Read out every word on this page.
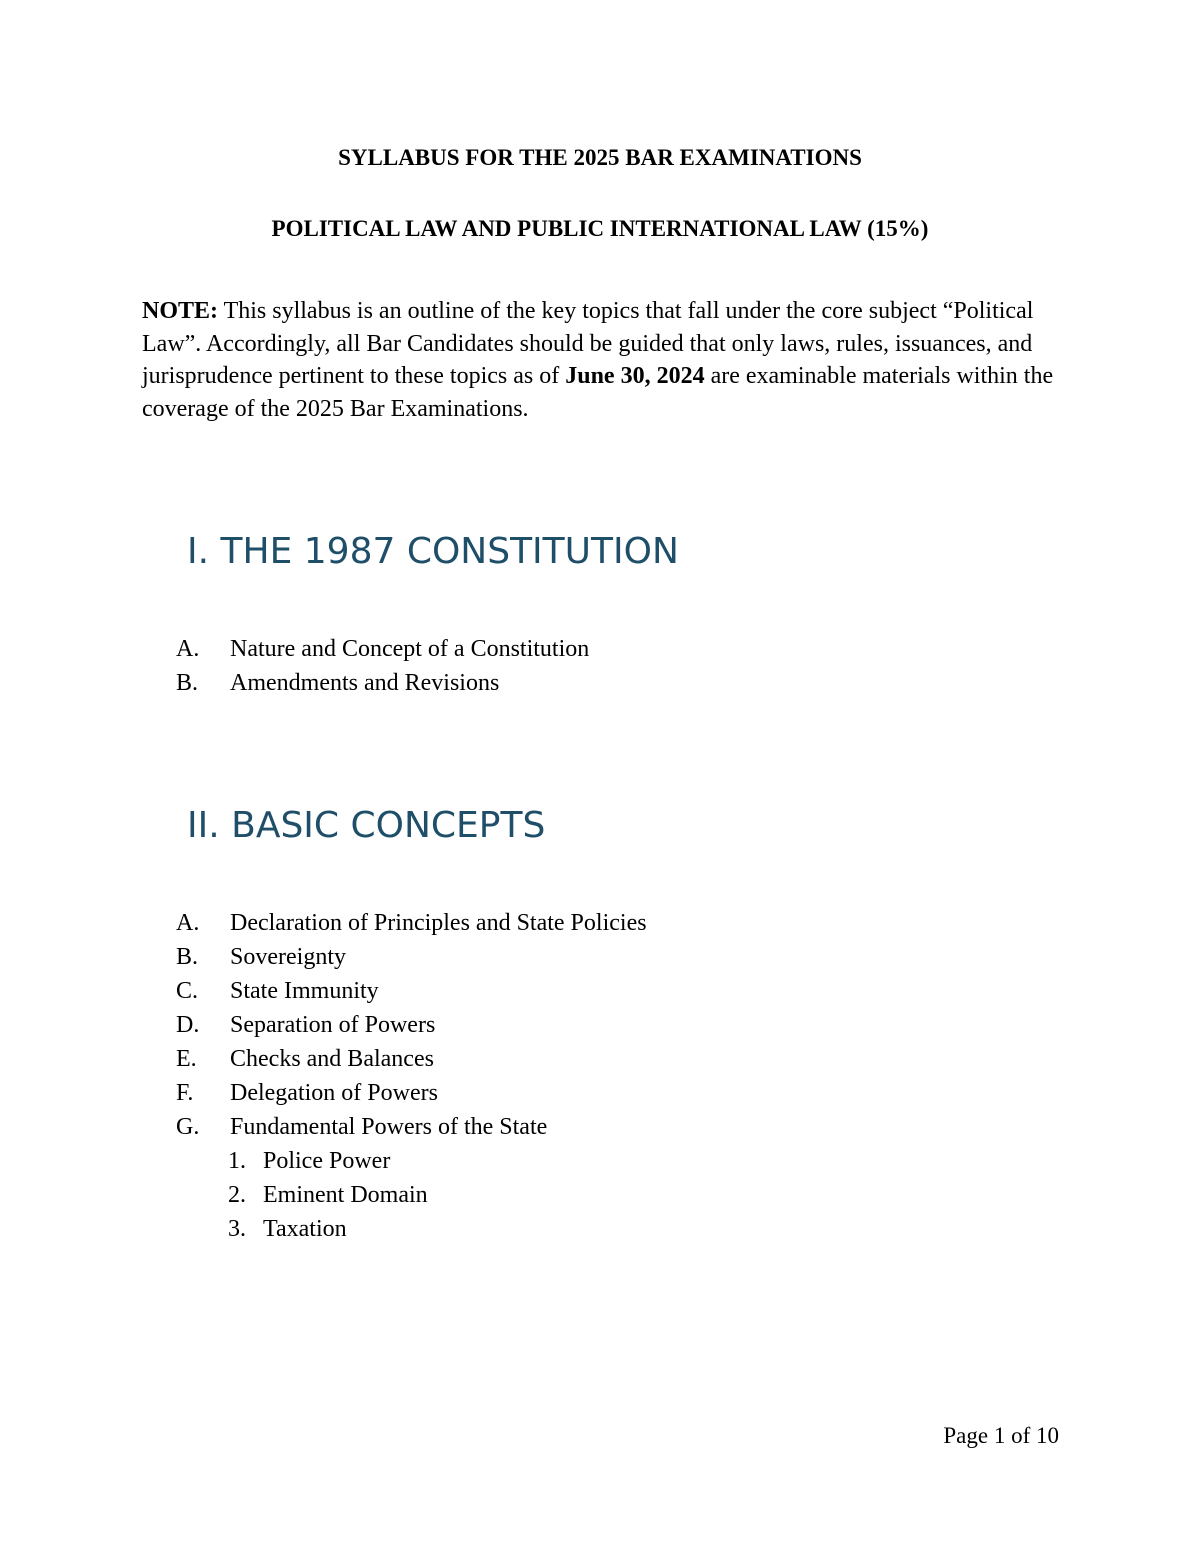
SYLLABUS FOR THE 2025 BAR EXAMINATIONS
POLITICAL LAW AND PUBLIC INTERNATIONAL LAW (15%)

NOTE: This syllabus is an outline of the key topics that fall under the core subject “Political Law”. Accordingly, all Bar Candidates should be guided that only laws, rules, issuances, and jurisprudence pertinent to these topics as of June 30, 2024 are examinable materials within the coverage of the 2025 Bar Examinations.

I. THE 1987 CONSTITUTION
A. Nature and Concept of a Constitution
B. Amendments and Revisions
II. BASIC CONCEPTS
A. Declaration of Principles and State Policies
B. Sovereignty
C. State Immunity
D. Separation of Powers
E. Checks and Balances
F. Delegation of Powers
G. Fundamental Powers of the State
1. Police Power
2. Eminent Domain
3. Taxation
Page 1 of 10
